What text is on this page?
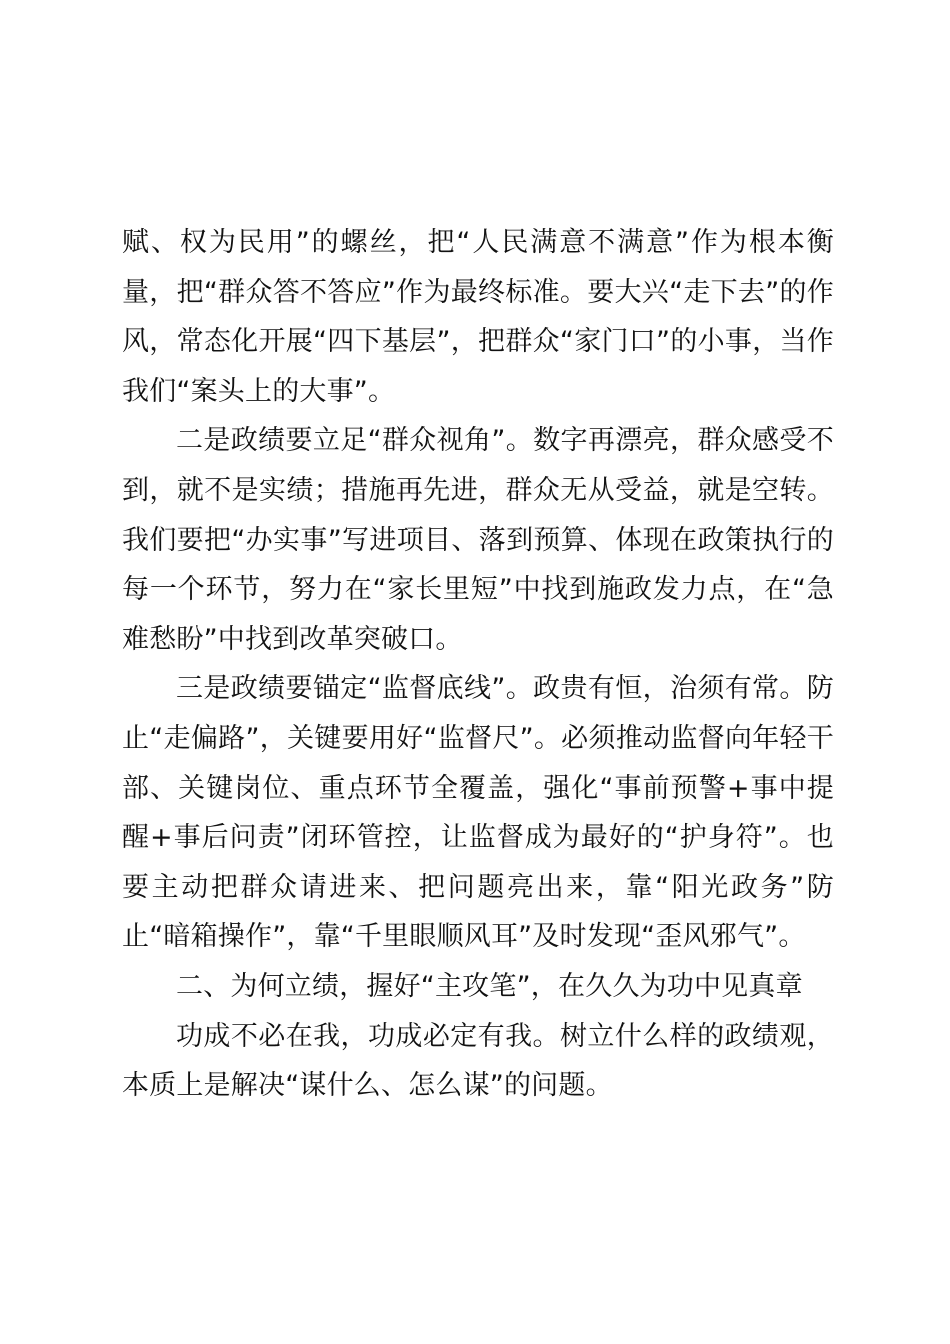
赋、权为民用”的螺丝，把“人民满意不满意”作为根本衡量，把“群众答不答应”作为最终标准。要大兴“走下去”的作风，常态化开展“四下基层”，把群众“家门口”的小事，当作我们“案头上的大事”。

二是政绩要立足“群众视角”。数字再漂亮，群众感受不到，就不是实绩；措施再先进，群众无从受益，就是空转。我们要把“办实事”写进项目、落到预算、体现在政策执行的每一个环节，努力在“家长里短”中找到施政发力点，在“急难愁盼”中找到改革突破口。

三是政绩要锚定“监督底线”。政贵有恒，治须有常。防止“走偏路”，关键要用好“监督尺”。必须推动监督向年轻干部、关键岗位、重点环节全覆盖，强化“事前预警+事中提醒+事后问责”闭环管控，让监督成为最好的“护身符”。也要主动把群众请进来、把问题亮出来，靠“阳光政务”防止“暗箱操作”，靠“千里眼顺风耳”及时发现“歪风邪气”。

二、为何立绩，握好“主攻笔”，在久久为功中见真章

功成不必在我，功成必定有我。树立什么样的政绩观，本质上是解决“谋什么、怎么谋”的问题。
